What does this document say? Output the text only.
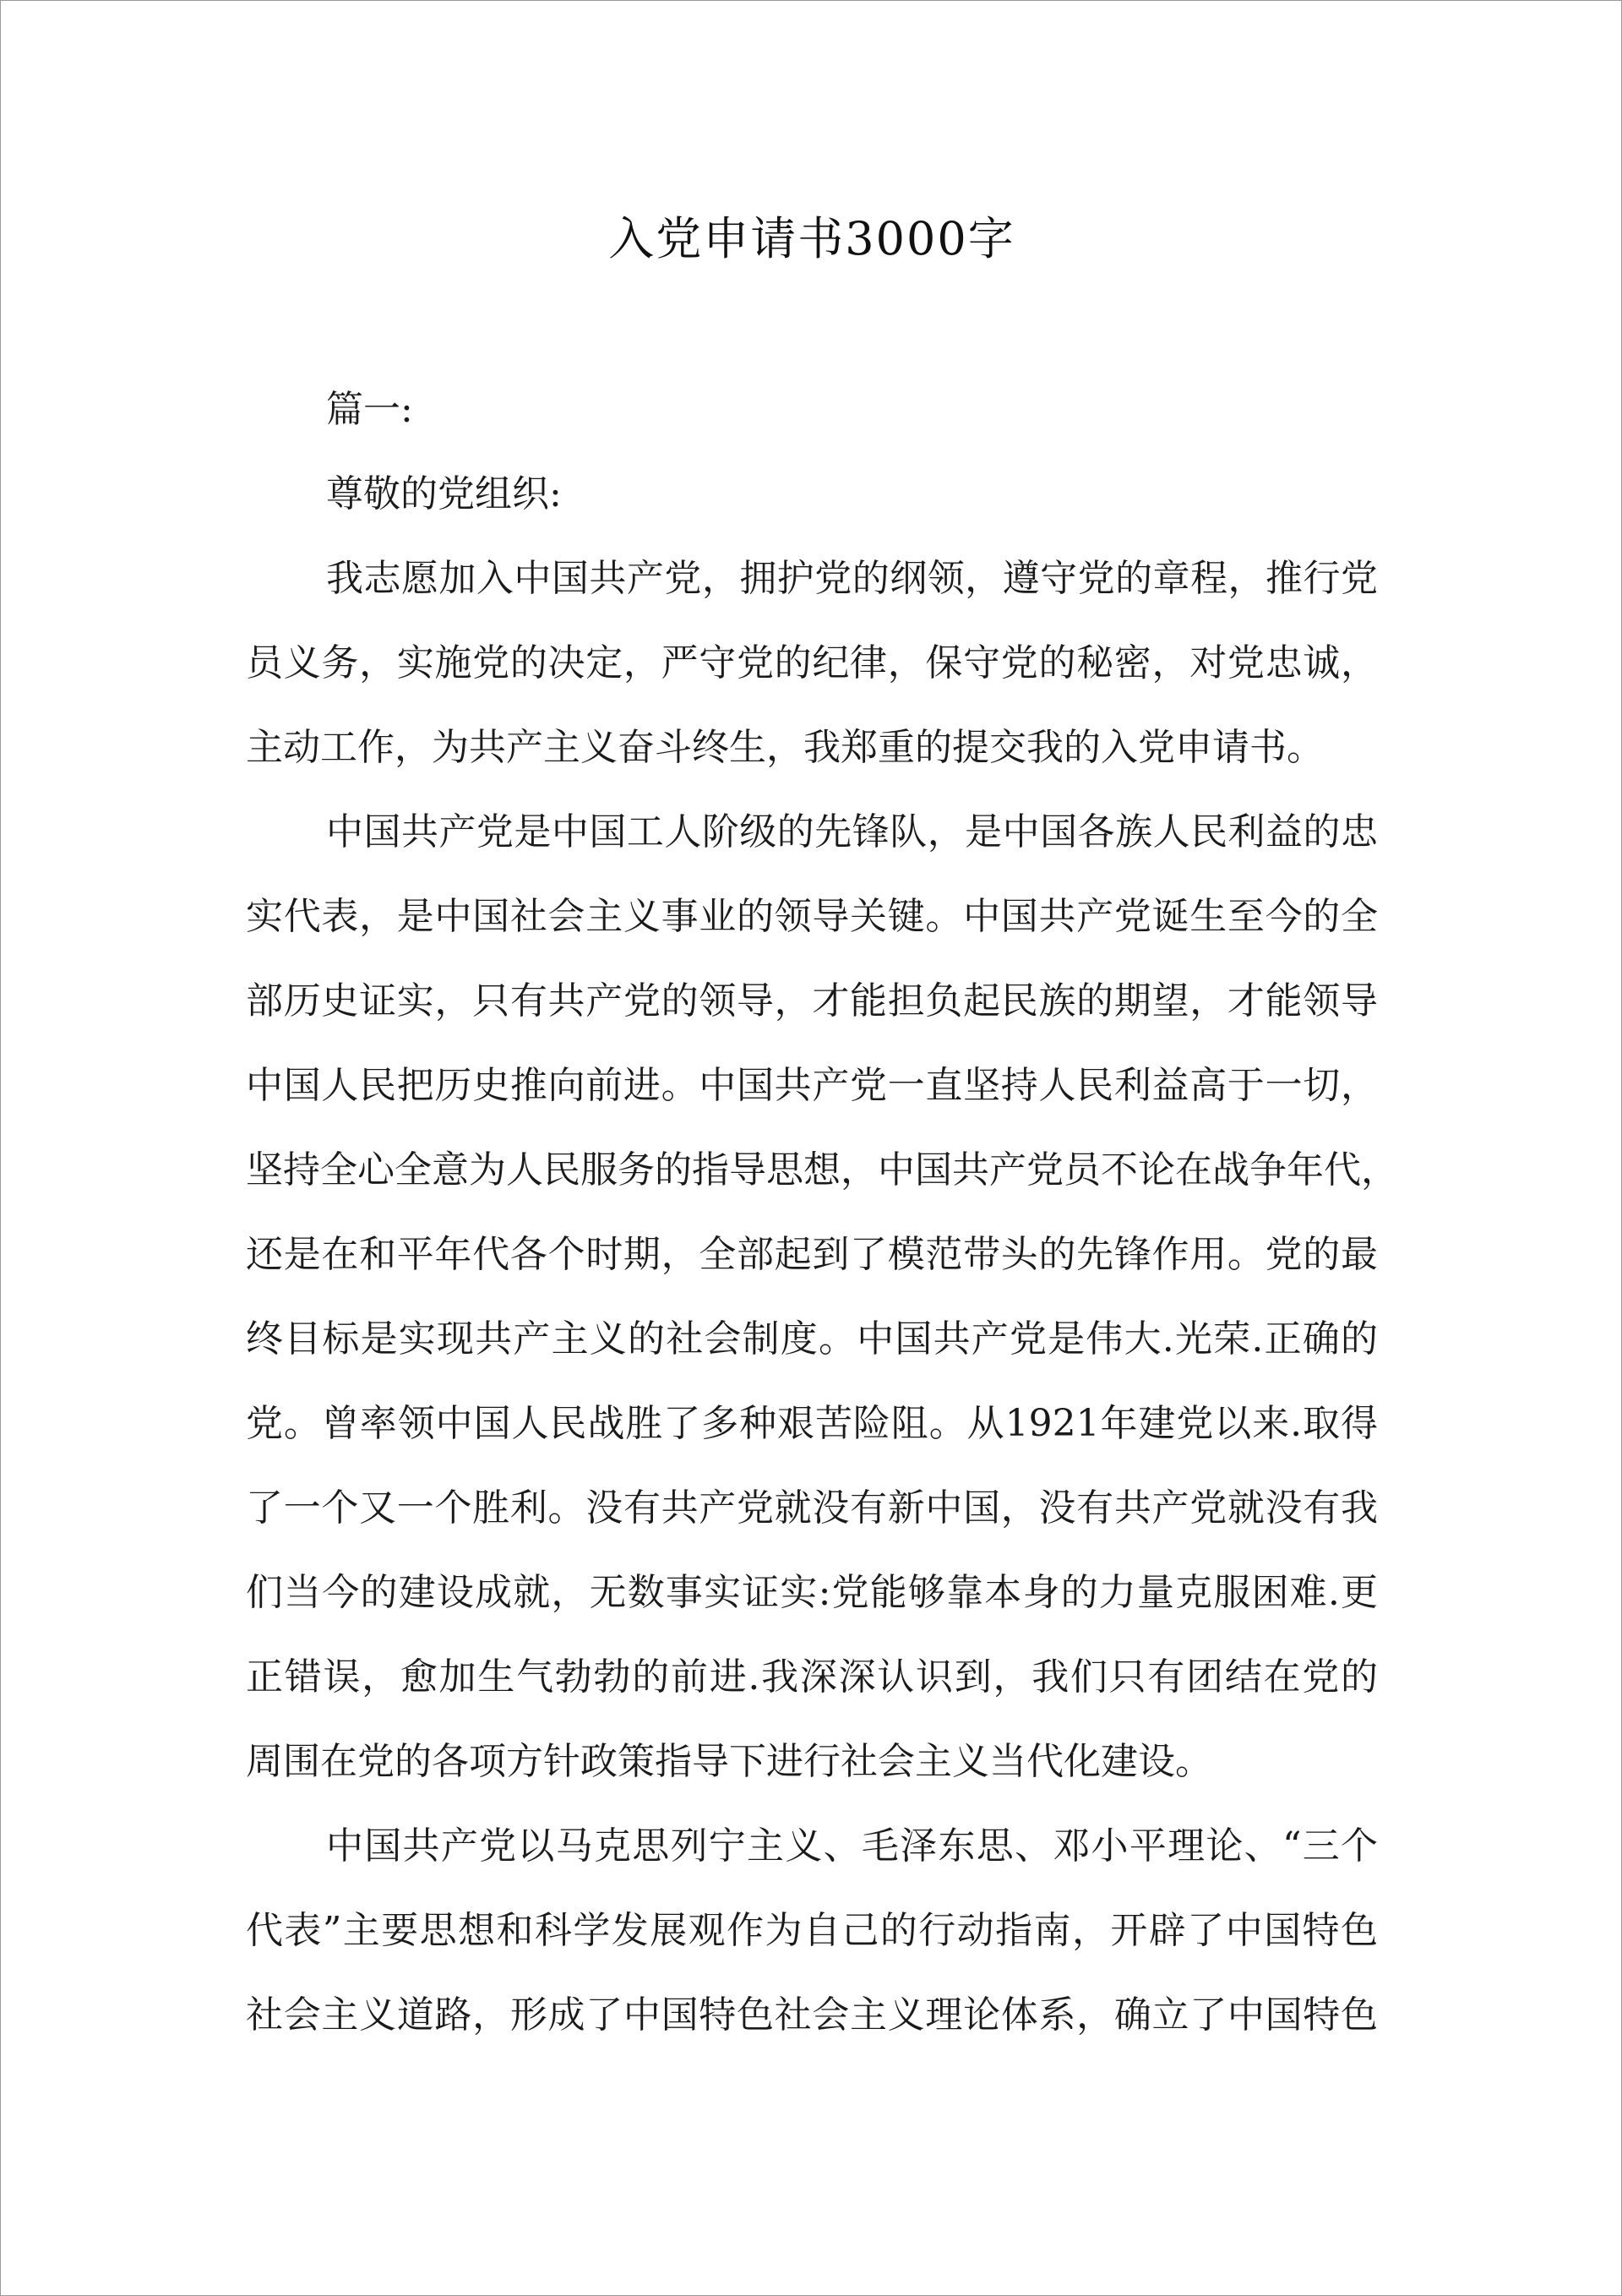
入党申请书3000字
篇一:
尊敬的党组织:
我志愿加入中国共产党，拥护党的纲领，遵守党的章程，推行党
员义务，实施党的决定，严守党的纪律，保守党的秘密，对党忠诚，
主动工作，为共产主义奋斗终生，我郑重的提交我的入党申请书。
中国共产党是中国工人阶级的先锋队，是中国各族人民利益的忠
实代表，是中国社会主义事业的领导关键。中国共产党诞生至今的全
部历史证实，只有共产党的领导，才能担负起民族的期望，才能领导
中国人民把历史推向前进。中国共产党一直坚持人民利益高于一切，
坚持全心全意为人民服务的指导思想，中国共产党员不论在战争年代，
还是在和平年代各个时期，全部起到了模范带头的先锋作用。党的最
终目标是实现共产主义的社会制度。中国共产党是伟大.光荣.正确的
党。曾率领中国人民战胜了多种艰苦险阻。从1921年建党以来.取得
了一个又一个胜利。没有共产党就没有新中国，没有共产党就没有我
们当今的建设成就，无数事实证实:党能够靠本身的力量克服困难.更
正错误，愈加生气勃勃的前进.我深深认识到，我们只有团结在党的
周围在党的各项方针政策指导下进行社会主义当代化建设。
中国共产党以马克思列宁主义、毛泽东思、邓小平理论、“三个
代表”主要思想和科学发展观作为自己的行动指南，开辟了中国特色
社会主义道路，形成了中国特色社会主义理论体系，确立了中国特色
